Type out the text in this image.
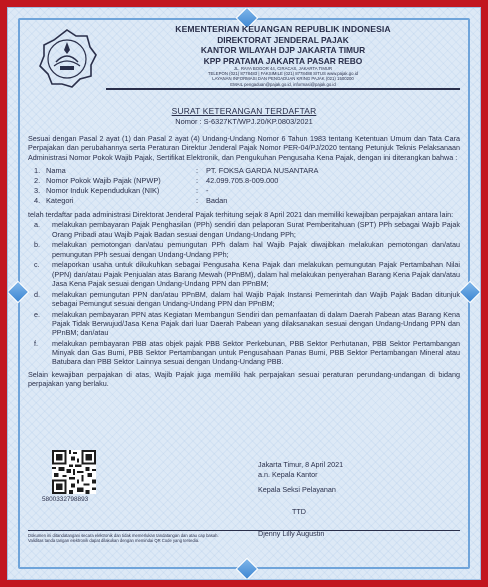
KEMENTERIAN KEUANGAN REPUBLIK INDONESIA
DIREKTORAT JENDERAL PAJAK
KANTOR WILAYAH DJP JAKARTA TIMUR
KPP PRATAMA JAKARTA PASAR REBO
JL. RAYA BOGOR 44, CIRACAS, JAKARTA TIMUR
TELEPON (021) 8778483 | FAKSIMILE (021) 8778488 SITUS www.pajak.go.id
LAYANAN INFORMASI DAN PENGADUAN KRING PAJAK (021) 1500200
EMAIL pengaduan@pajak.go.id, informasi@pajak.go.id
SURAT KETERANGAN TERDAFTAR
Nomor : S-6327KT/WPJ.20/KP.0803/2021

Sesuai dengan Pasal 2 ayat (1) dan Pasal 2 ayat (4) Undang-Undang Nomor 6 Tahun 1983 tentang Ketentuan Umum dan Tata Cara Perpajakan dan perubahannya serta Peraturan Direktur Jenderal Pajak Nomor PER-04/PJ/2020 tentang Petunjuk Teknis Pelaksanaan Administrasi Nomor Pokok Wajib Pajak, Sertifikat Elektronik, dan Pengukuhan Pengusaha Kena Pajak, dengan ini diterangkan bahwa :

1.	Nama	:	PT. FOKSA GARDA NUSANTARA
2.	Nomor Pokok Wajib Pajak (NPWP)	:	42.099.705.8-009.000
3.	Nomor Induk Kependudukan (NIK)	:	-
4.	Kategori	:	Badan

telah terdaftar pada administrasi Direktorat Jenderal Pajak terhitung sejak 8 April 2021 dan memiliki kewajiban perpajakan antara lain:

a.	melakukan pembayaran Pajak Penghasilan (PPh) sendiri dan pelaporan Surat Pemberitahuan (SPT) PPh sebagai Wajib Pajak Orang Pribadi atau Wajib Pajak Badan sesuai dengan Undang-Undang PPh;
b.	melakukan pemotongan dan/atau pemungutan PPh dalam hal Wajib Pajak diwajibkan melakukan pemotongan dan/atau pemungutan PPh sesuai dengan Undang-Undang PPh;
c.	melaporkan usaha untuk dikukuhkan sebagai Pengusaha Kena Pajak dan melakukan pemungutan Pajak Pertambahan Nilai (PPN) dan/atau Pajak Penjualan atas Barang Mewah (PPnBM), dalam hal melakukan penyerahan Barang Kena Pajak dan/atau Jasa Kena Pajak sesuai dengan Undang-Undang PPN dan PPnBM;
d.	melakukan pemungutan PPN dan/atau PPnBM, dalam hal Wajib Pajak Instansi Pemerintah dan Wajib Pajak Badan ditunjuk sebagai Pemungut sesuai dengan Undang-Undang PPN dan PPnBM;
e.	melakukan pembayaran PPN atas Kegiatan Membangun Sendiri dan pemanfaatan di dalam Daerah Pabean atas Barang Kena Pajak Tidak Berwujud/Jasa Kena Pajak dari luar Daerah Pabean yang dilaksanakan sesuai dengan Undang-Undang PPN dan PPnBM; dan/atau
f.	melakukan pembayaran PBB atas objek pajak PBB Sektor Perkebunan, PBB Sektor Perhutanan, PBB Sektor Pertambangan Minyak dan Gas Bumi, PBB Sektor Pertambangan untuk Pengusahaan Panas Bumi, PBB Sektor Pertambangan Mineral atau Batubara dan PBB Sektor Lainnya sesuai dengan Undang-Undang PBB.

Selain kewajiban perpajakan di atas, Wajib Pajak juga memiliki hak perpajakan sesuai peraturan perundang-undangan di bidang perpajakan yang berlaku.

5800332798893
Jakarta Timur, 8 April 2021
a.n. Kepala Kantor
Kepala Seksi Pelayanan
TTD
Djenny Lilly Augustin
Dokumen ini ditandatangani secara elektronik dan tidak memerlukan tandatangan dan atau cap basah.
Validitas tanda tangan elektronik dapat dilakukan dengan memindai QR Code yang tersedia.
